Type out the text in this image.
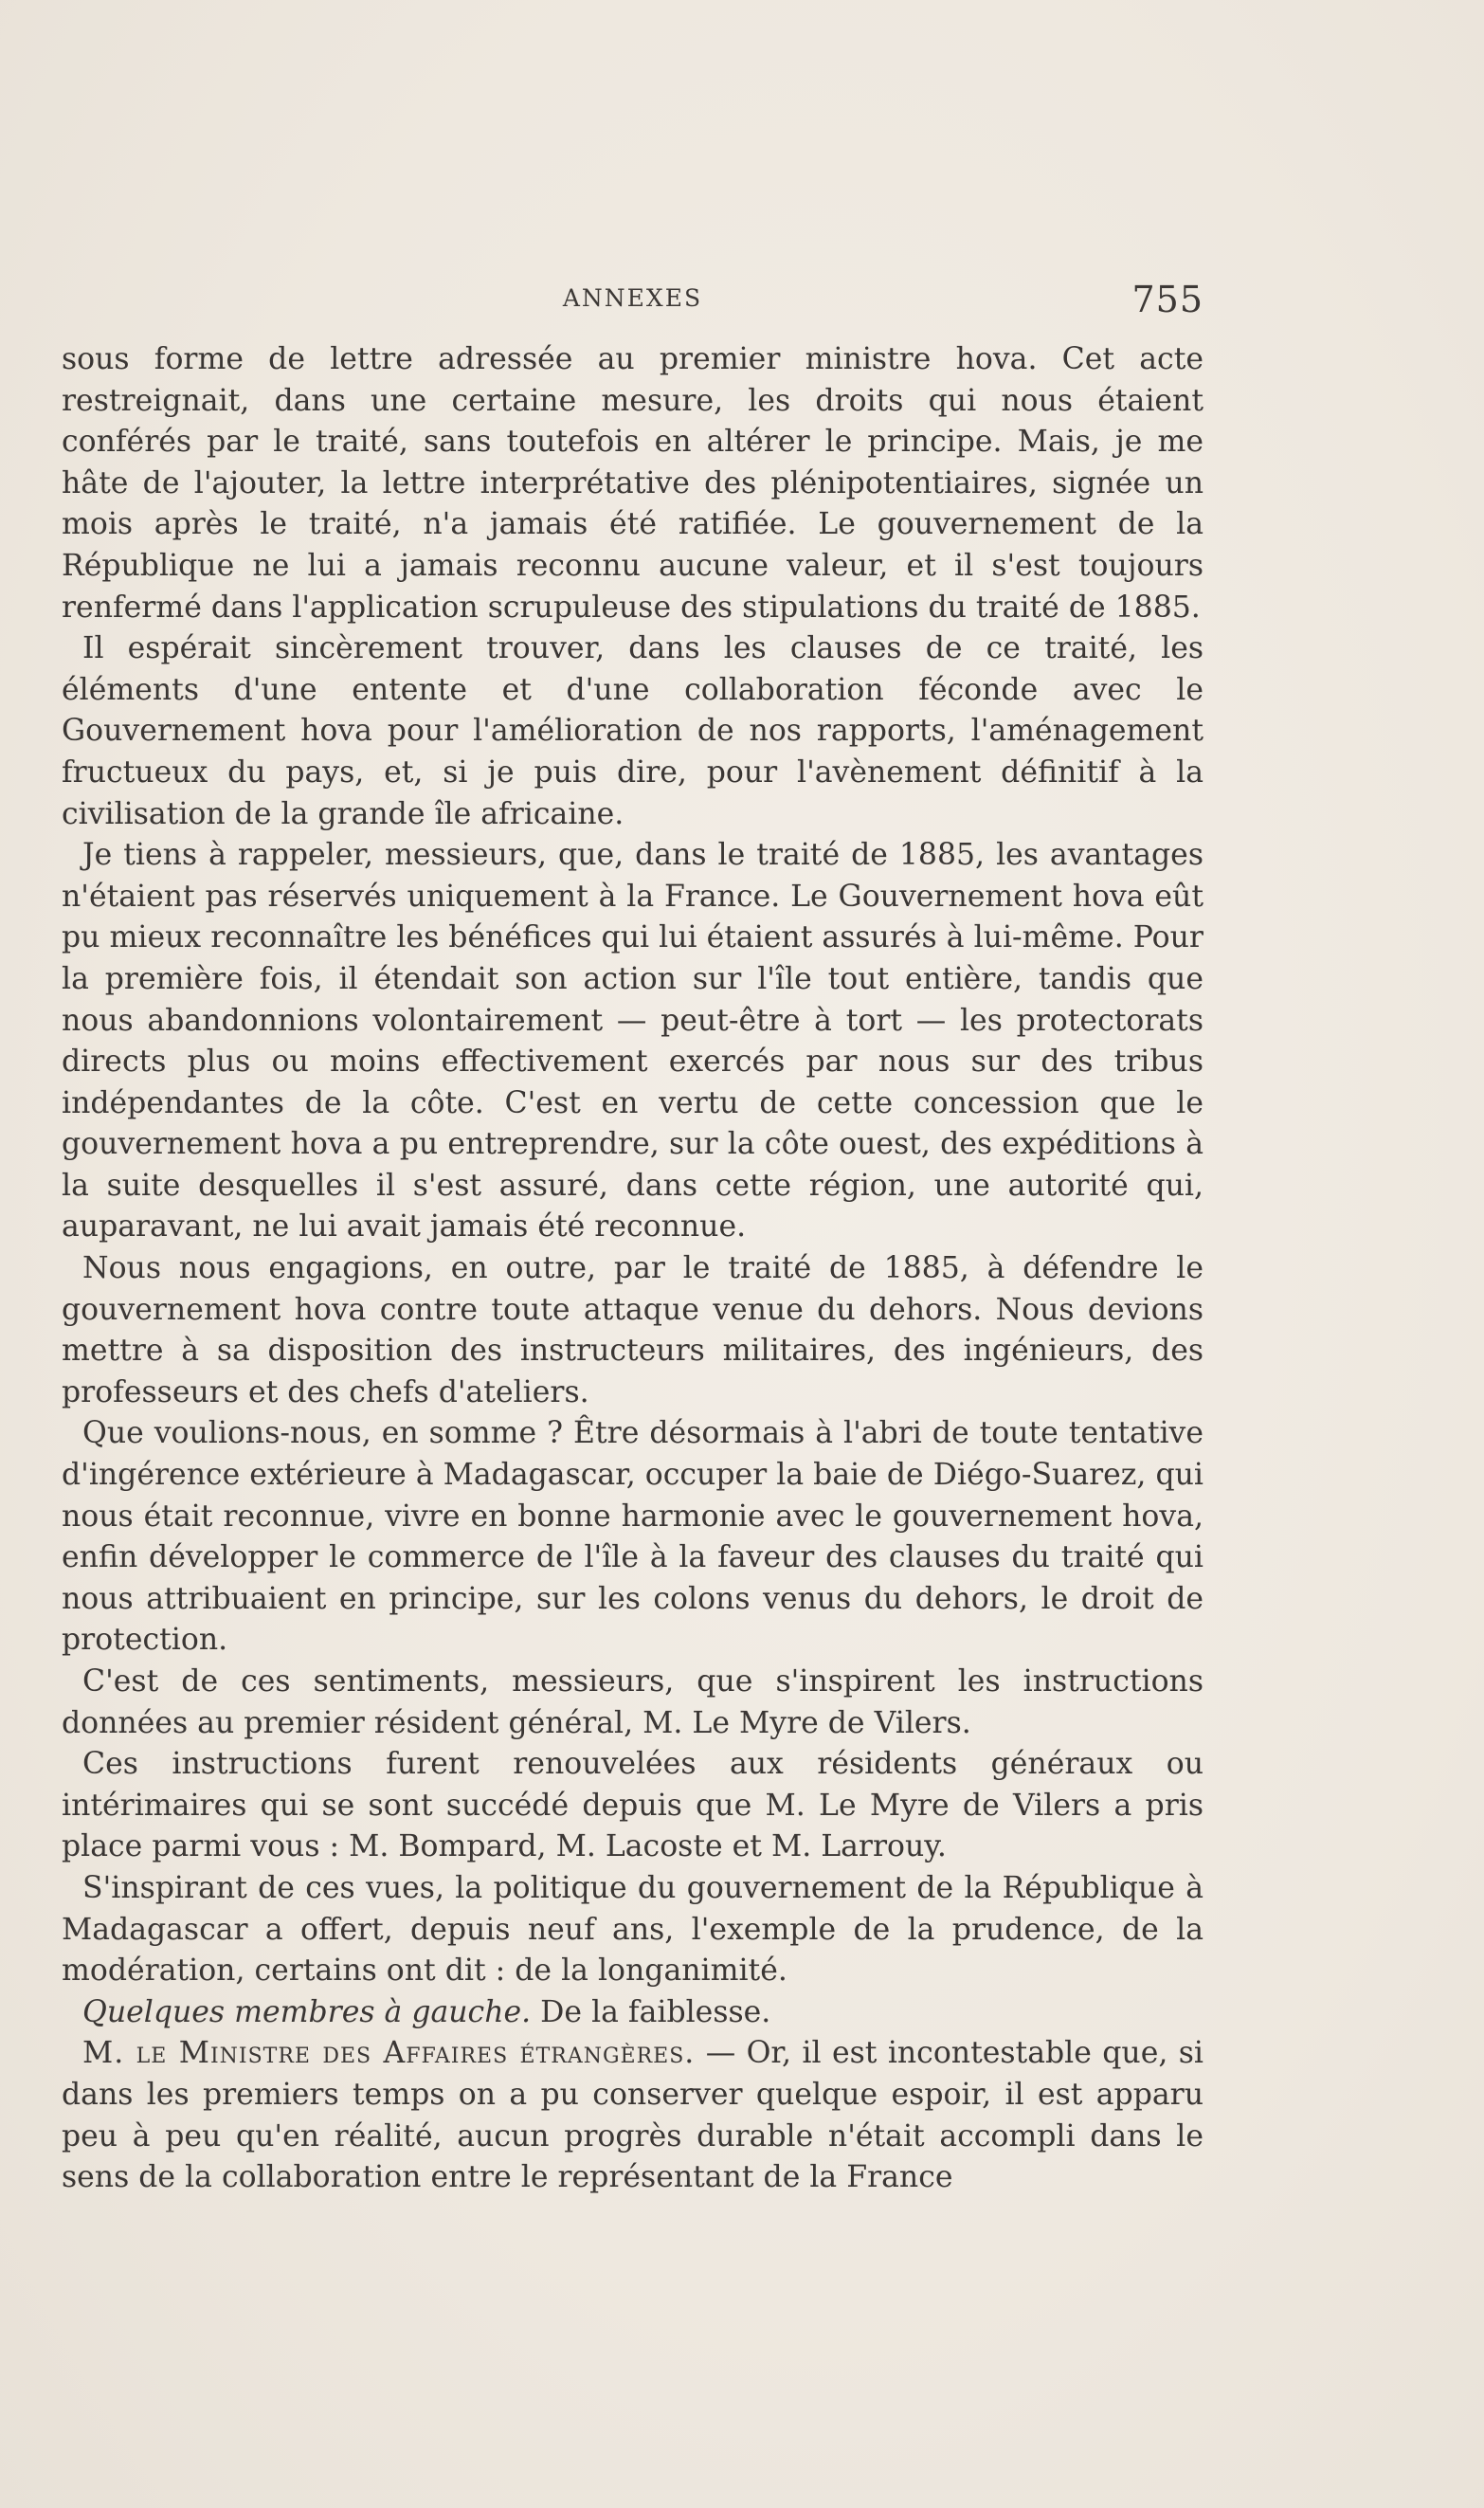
ANNEXES	755

sous forme de lettre adressée au premier ministre hova. Cet acte restreignait, dans une certaine mesure, les droits qui nous étaient conférés par le traité, sans toutefois en altérer le principe. Mais, je me hâte de l'ajouter, la lettre interprétative des plénipotentiaires, signée un mois après le traité, n'a jamais été ratifiée. Le gouvernement de la République ne lui a jamais reconnu aucune valeur, et il s'est toujours renfermé dans l'application scrupuleuse des stipulations du traité de 1885.

Il espérait sincèrement trouver, dans les clauses de ce traité, les éléments d'une entente et d'une collaboration féconde avec le Gouvernement hova pour l'amélioration de nos rapports, l'aménagement fructueux du pays, et, si je puis dire, pour l'avènement définitif à la civilisation de la grande île africaine.

Je tiens à rappeler, messieurs, que, dans le traité de 1885, les avantages n'étaient pas réservés uniquement à la France. Le Gouvernement hova eût pu mieux reconnaître les bénéfices qui lui étaient assurés à lui-même. Pour la première fois, il étendait son action sur l'île tout entière, tandis que nous abandonnions volontairement — peut-être à tort — les protectorats directs plus ou moins effectivement exercés par nous sur des tribus indépendantes de la côte. C'est en vertu de cette concession que le gouvernement hova a pu entreprendre, sur la côte ouest, des expéditions à la suite desquelles il s'est assuré, dans cette région, une autorité qui, auparavant, ne lui avait jamais été reconnue.

Nous nous engagions, en outre, par le traité de 1885, à défendre le gouvernement hova contre toute attaque venue du dehors. Nous devions mettre à sa disposition des instructeurs militaires, des ingénieurs, des professeurs et des chefs d'ateliers.

Que voulions-nous, en somme ? Être désormais à l'abri de toute tentative d'ingérence extérieure à Madagascar, occuper la baie de Diégo-Suarez, qui nous était reconnue, vivre en bonne harmonie avec le gouvernement hova, enfin développer le commerce de l'île à la faveur des clauses du traité qui nous attribuaient en principe, sur les colons venus du dehors, le droit de protection.

C'est de ces sentiments, messieurs, que s'inspirent les instructions données au premier résident général, M. Le Myre de Vilers.

Ces instructions furent renouvelées aux résidents généraux ou intérimaires qui se sont succédé depuis que M. Le Myre de Vilers a pris place parmi vous : M. Bompard, M. Lacoste et M. Larrouy.

S'inspirant de ces vues, la politique du gouvernement de la République à Madagascar a offert, depuis neuf ans, l'exemple de la prudence, de la modération, certains ont dit : de la longanimité.

Quelques membres à gauche. De la faiblesse.

M. le Ministre des Affaires étrangères. — Or, il est incontestable que, si dans les premiers temps on a pu conserver quelque espoir, il est apparu peu à peu qu'en réalité, aucun progrès durable n'était accompli dans le sens de la collaboration entre le représentant de la France
